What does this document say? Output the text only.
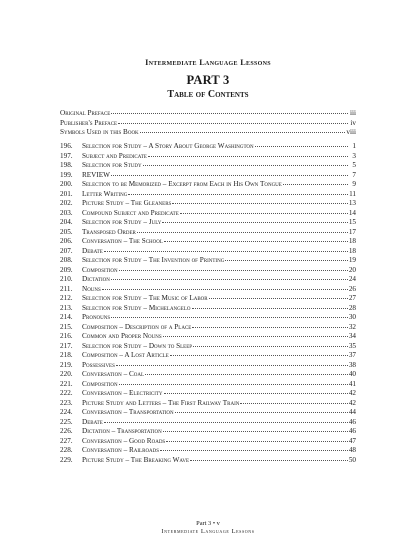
Intermediate Language Lessons
PART 3
Table of Contents
Original Preface	iii
Publisher's Preface	iv
Symbols Used in this Book	viii
196.	Selection for Study – A Story About George Washington	1
197.	Subject and Predicate	3
198.	Selection for Study	5
199.	REVIEW	7
200.	Selection to be Memorized – Excerpt from Each in His Own Tongue	9
201.	Letter Writing	11
202.	Picture Study – The Gleaners	13
203.	Compound Subject and Predicate	14
204.	Selection for Study – July	15
205.	Transposed Order	17
206.	Conversation – The School	18
207.	Debate	18
208.	Selection for Study – The Invention of Printing	19
209.	Composition	20
210.	Dictation	24
211.	Nouns	26
212.	Selection for Study – The Music of Labor	27
213.	Selection for Study – Michelangelo	28
214.	Pronouns	30
215.	Composition – Description of a Place	32
216.	Common and Proper Nouns	34
217.	Selection for Study – Down to Sleep	35
218.	Composition – A Lost Article	37
219.	Possessives	38
220.	Conversation – Coal	40
221.	Composition	41
222.	Conversation – Electricity	42
223.	Picture Study and Letters – The First Railway Train	42
224.	Conversation – Transportation	44
225.	Debate	46
226.	Dictation – Transportation	46
227.	Conversation – Good Roads	47
228.	Conversation – Railroads	48
229.	Picture Study – The Breaking Wave	50
Part 3 • v
Intermediate Language Lessons
